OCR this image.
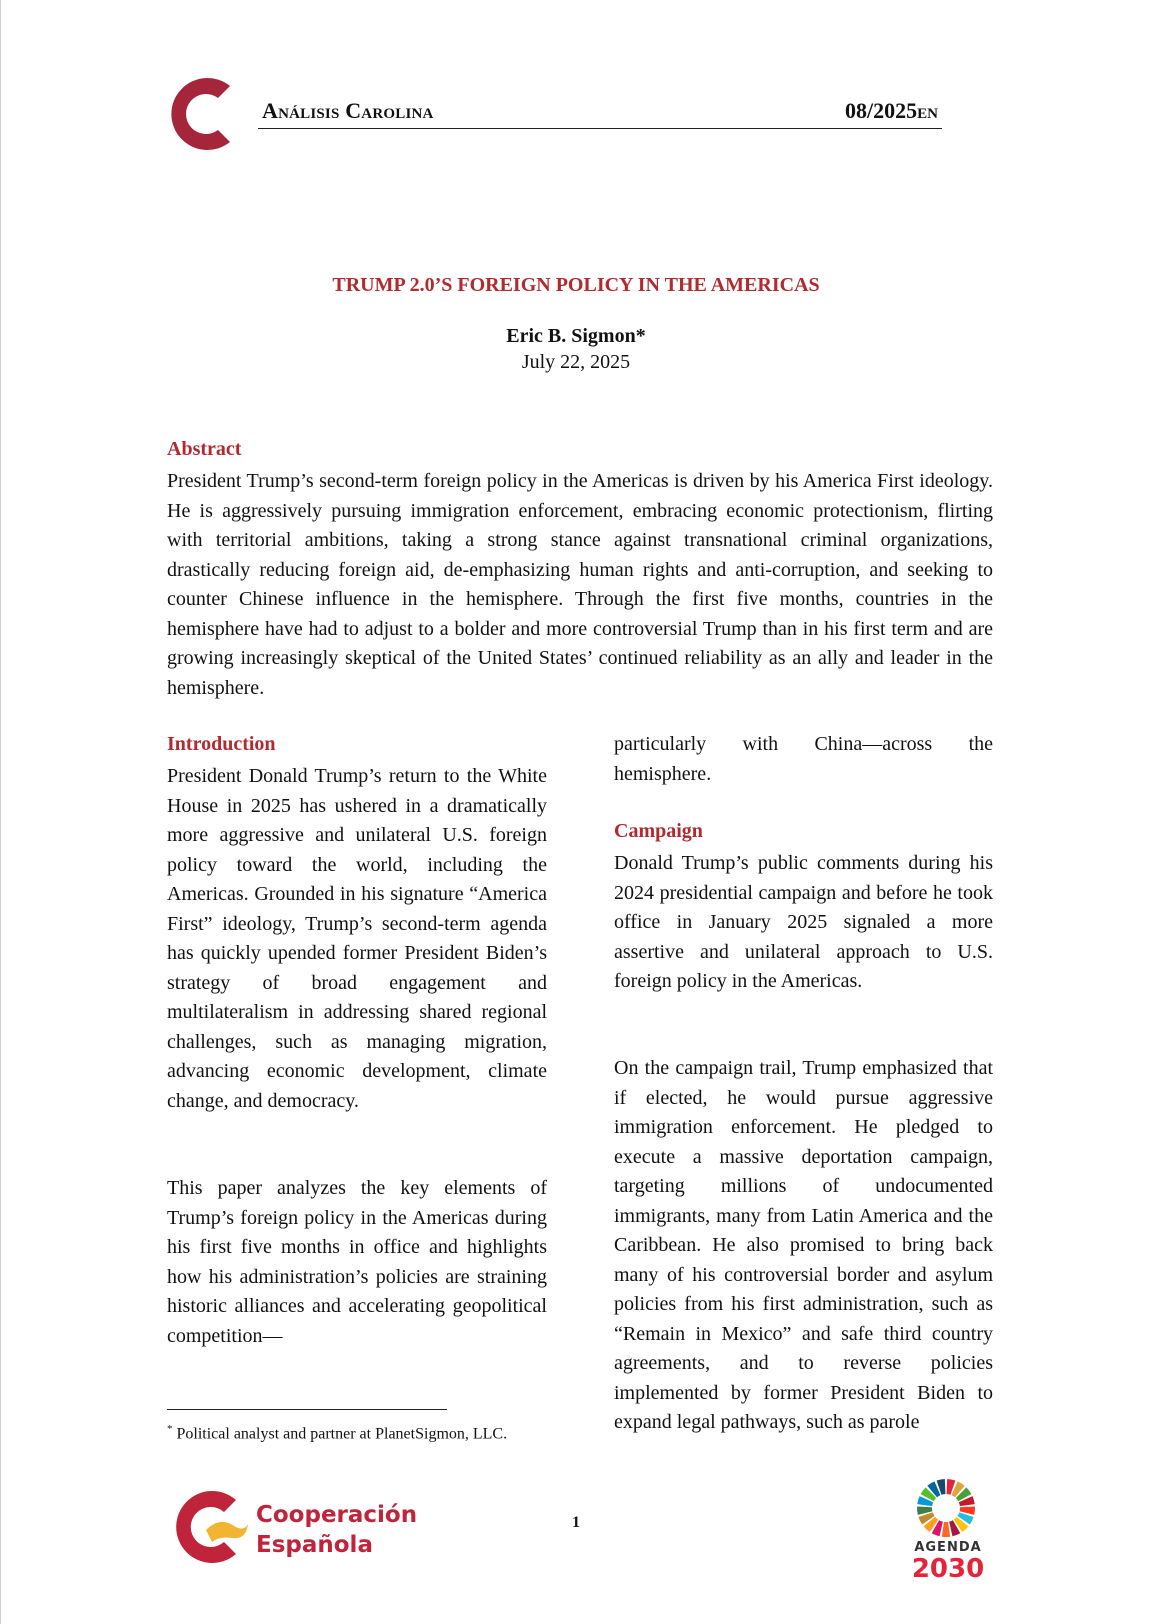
Análisis Carolina	08/2025EN
TRUMP 2.0’S FOREIGN POLICY IN THE AMERICAS
Eric B. Sigmon*
July 22, 2025
Abstract
President Trump’s second-term foreign policy in the Americas is driven by his America First ideology. He is aggressively pursuing immigration enforcement, embracing economic protectionism, flirting with territorial ambitions, taking a strong stance against transnational criminal organizations, drastically reducing foreign aid, de-emphasizing human rights and anti-corruption, and seeking to counter Chinese influence in the hemisphere. Through the first five months, countries in the hemisphere have had to adjust to a bolder and more controversial Trump than in his first term and are growing increasingly skeptical of the United States’ continued reliability as an ally and leader in the hemisphere.
Introduction
President Donald Trump’s return to the White House in 2025 has ushered in a dramatically more aggressive and unilateral U.S. foreign policy toward the world, including the Americas. Grounded in his signature “America First” ideology, Trump’s second-term agenda has quickly upended former President Biden’s strategy of broad engagement and multilateralism in addressing shared regional challenges, such as managing migration, advancing economic development, climate change, and democracy.
This paper analyzes the key elements of Trump’s foreign policy in the Americas during his first five months in office and highlights how his administration’s policies are straining historic alliances and accelerating geopolitical competition—
* Political analyst and partner at PlanetSigmon, LLC.
particularly with China—across the hemisphere.
Campaign
Donald Trump’s public comments during his 2024 presidential campaign and before he took office in January 2025 signaled a more assertive and unilateral approach to U.S. foreign policy in the Americas.
On the campaign trail, Trump emphasized that if elected, he would pursue aggressive immigration enforcement. He pledged to execute a massive deportation campaign, targeting millions of undocumented immigrants, many from Latin America and the Caribbean. He also promised to bring back many of his controversial border and asylum policies from his first administration, such as “Remain in Mexico” and safe third country agreements, and to reverse policies implemented by former President Biden to expand legal pathways, such as parole
Cooperación
Española
1
AGENDA
2030
